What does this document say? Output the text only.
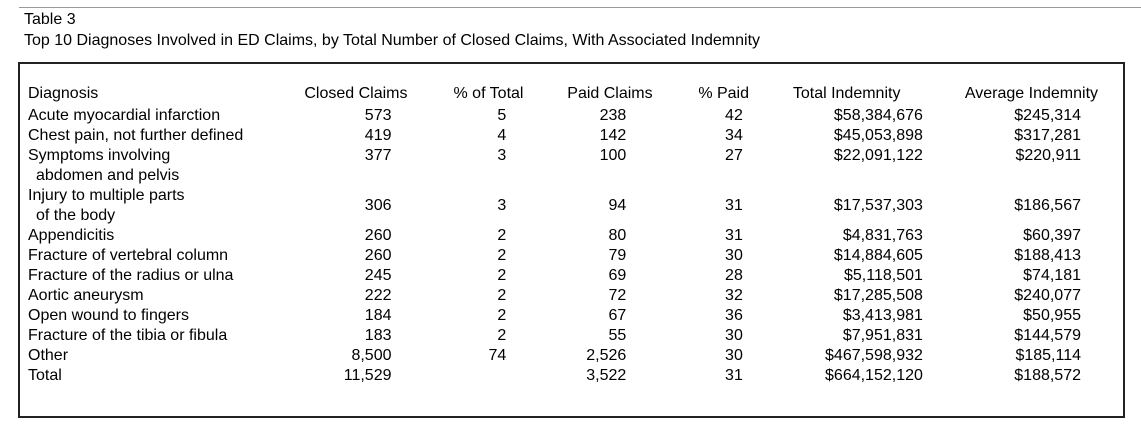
Table 3
Top 10 Diagnoses Involved in ED Claims, by Total Number of Closed Claims, With Associated Indemnity
Diagnosis	Closed Claims	% of Total	Paid Claims	% Paid	Total Indemnity	Average Indemnity

Acute myocardial infarction	573	5	238	42	$58,384,676	$245,314

Chest pain, not further defined	419	4	142	34	$45,053,898	$317,281

Symptoms involving
abdomen and pelvis	377	3	100	27	$22,091,122	$220,911

Injury to multiple parts
of the body	306	3	94	31	$17,537,303	$186,567

Appendicitis	260	2	80	31	$4,831,763	$60,397

Fracture of vertebral column	260	2	79	30	$14,884,605	$188,413

Fracture of the radius or ulna	245	2	69	28	$5,118,501	$74,181

Aortic aneurysm	222	2	72	32	$17,285,508	$240,077

Open wound to fingers	184	2	67	36	$3,413,981	$50,955

Fracture of the tibia or fibula	183	2	55	30	$7,951,831	$144,579

Other	8,500	74	2,526	30	$467,598,932	$185,114

Total	11,529		3,522	31	$664,152,120	$188,572
